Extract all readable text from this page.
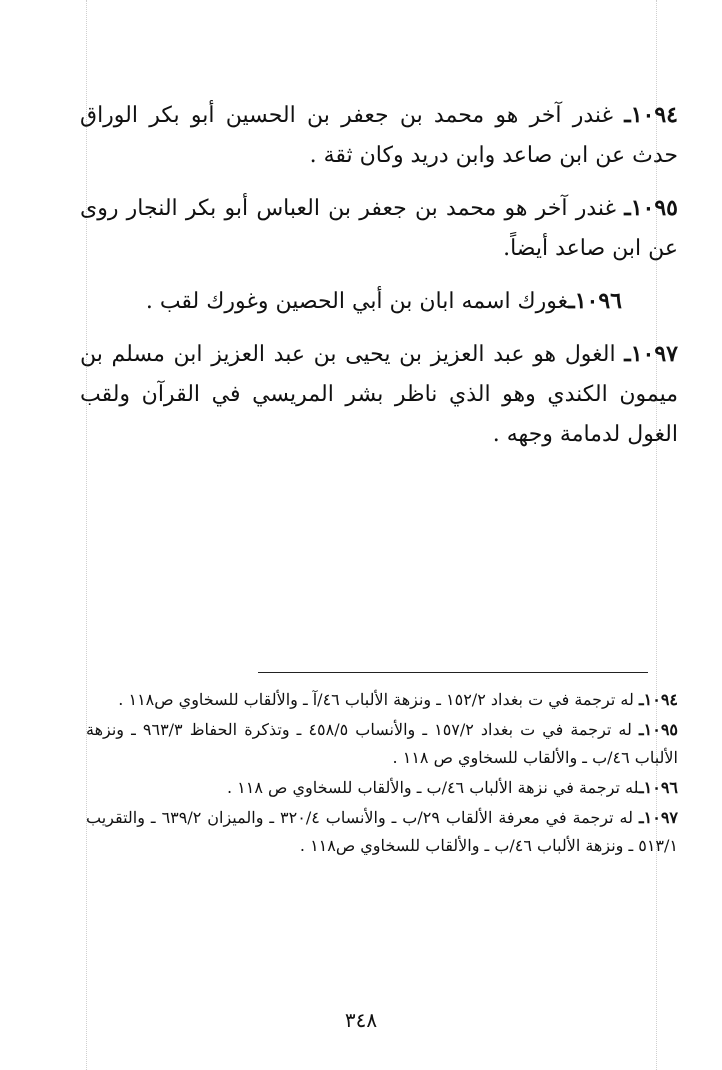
١٠٩٤ـ غندر آخر هو محمد بن جعفر بن الحسين أبو بكر الوراق حدث عن ابن صاعد وابن دريد وكان ثقة .

١٠٩٥ـ غندر آخر هو محمد بن جعفر بن العباس أبو بكر النجار روى عن ابن صاعد أيضاً.

١٠٩٦ـغورك اسمه ابان بن أبي الحصين وغورك لقب .

١٠٩٧ـ الغول هو عبد العزيز بن يحيى بن عبد العزيز ابن مسلم بن ميمون الكندي وهو الذي ناظر بشر المريسي في القرآن ولقب الغول لدمامة وجهه .

١٠٩٤ـ له ترجمة في ت بغداد ١٥٢/٢ ـ ونزهة الألباب ٤٦/آ ـ والألقاب للسخاوي ص١١٨ .

١٠٩٥ـ له ترجمة في ت بغداد ١٥٧/٢ ـ والأنساب ٤٥٨/٥ ـ وتذكرة الحفاظ ٩٦٣/٣ ـ ونزهة الألباب ٤٦/ب ـ والألقاب للسخاوي ص ١١٨ .

١٠٩٦ـله ترجمة في نزهة الألباب ٤٦/ب ـ والألقاب للسخاوي ص ١١٨ .

١٠٩٧ـ له ترجمة في معرفة الألقاب ٢٩/ب ـ والأنساب ٣٢٠/٤ ـ والميزان ٦٣٩/٢ ـ والتقريب ٥١٣/١ ـ ونزهة الألباب ٤٦/ب ـ والألقاب للسخاوي ص١١٨ .

٣٤٨
